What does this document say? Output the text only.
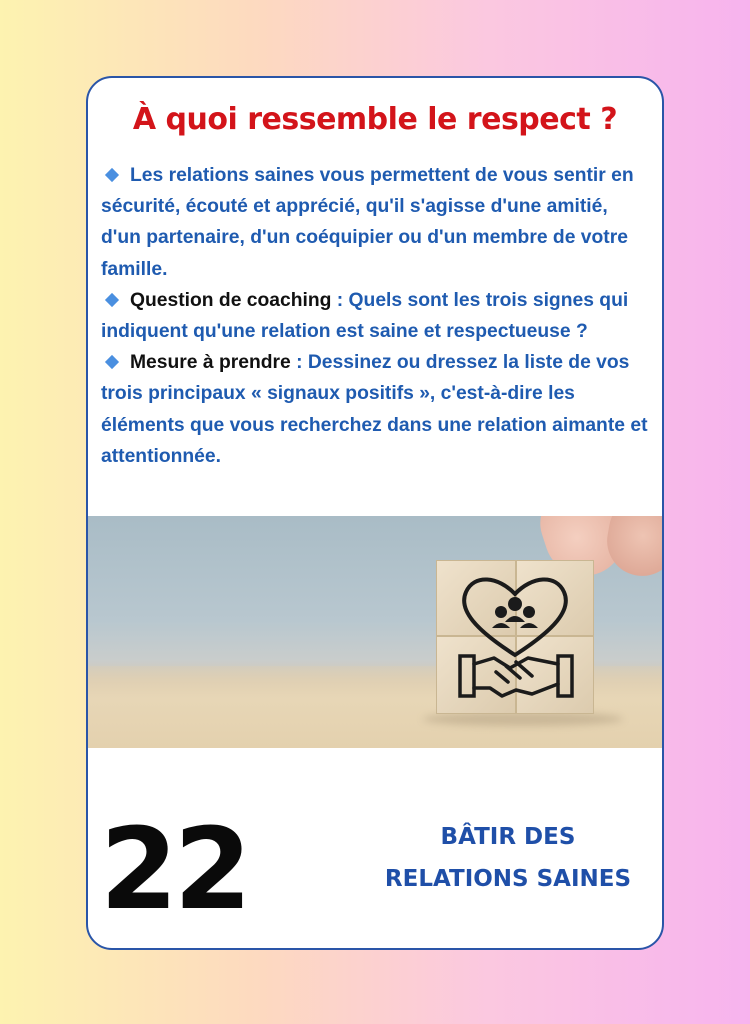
À quoi ressemble le respect ?

Les relations saines vous permettent de vous sentir en sécurité, écouté et apprécié, qu'il s'agisse d'une amitié, d'un partenaire, d'un coéquipier ou d'un membre de votre famille.

Question de coaching : Quels sont les trois signes qui indiquent qu'une relation est saine et respectueuse ?

Mesure à prendre : Dessinez ou dressez la liste de vos trois principaux « signaux positifs », c'est-à-dire les éléments que vous recherchez dans une relation aimante et attentionnée.

22	BÂTIR DES
RELATIONS SAINES
